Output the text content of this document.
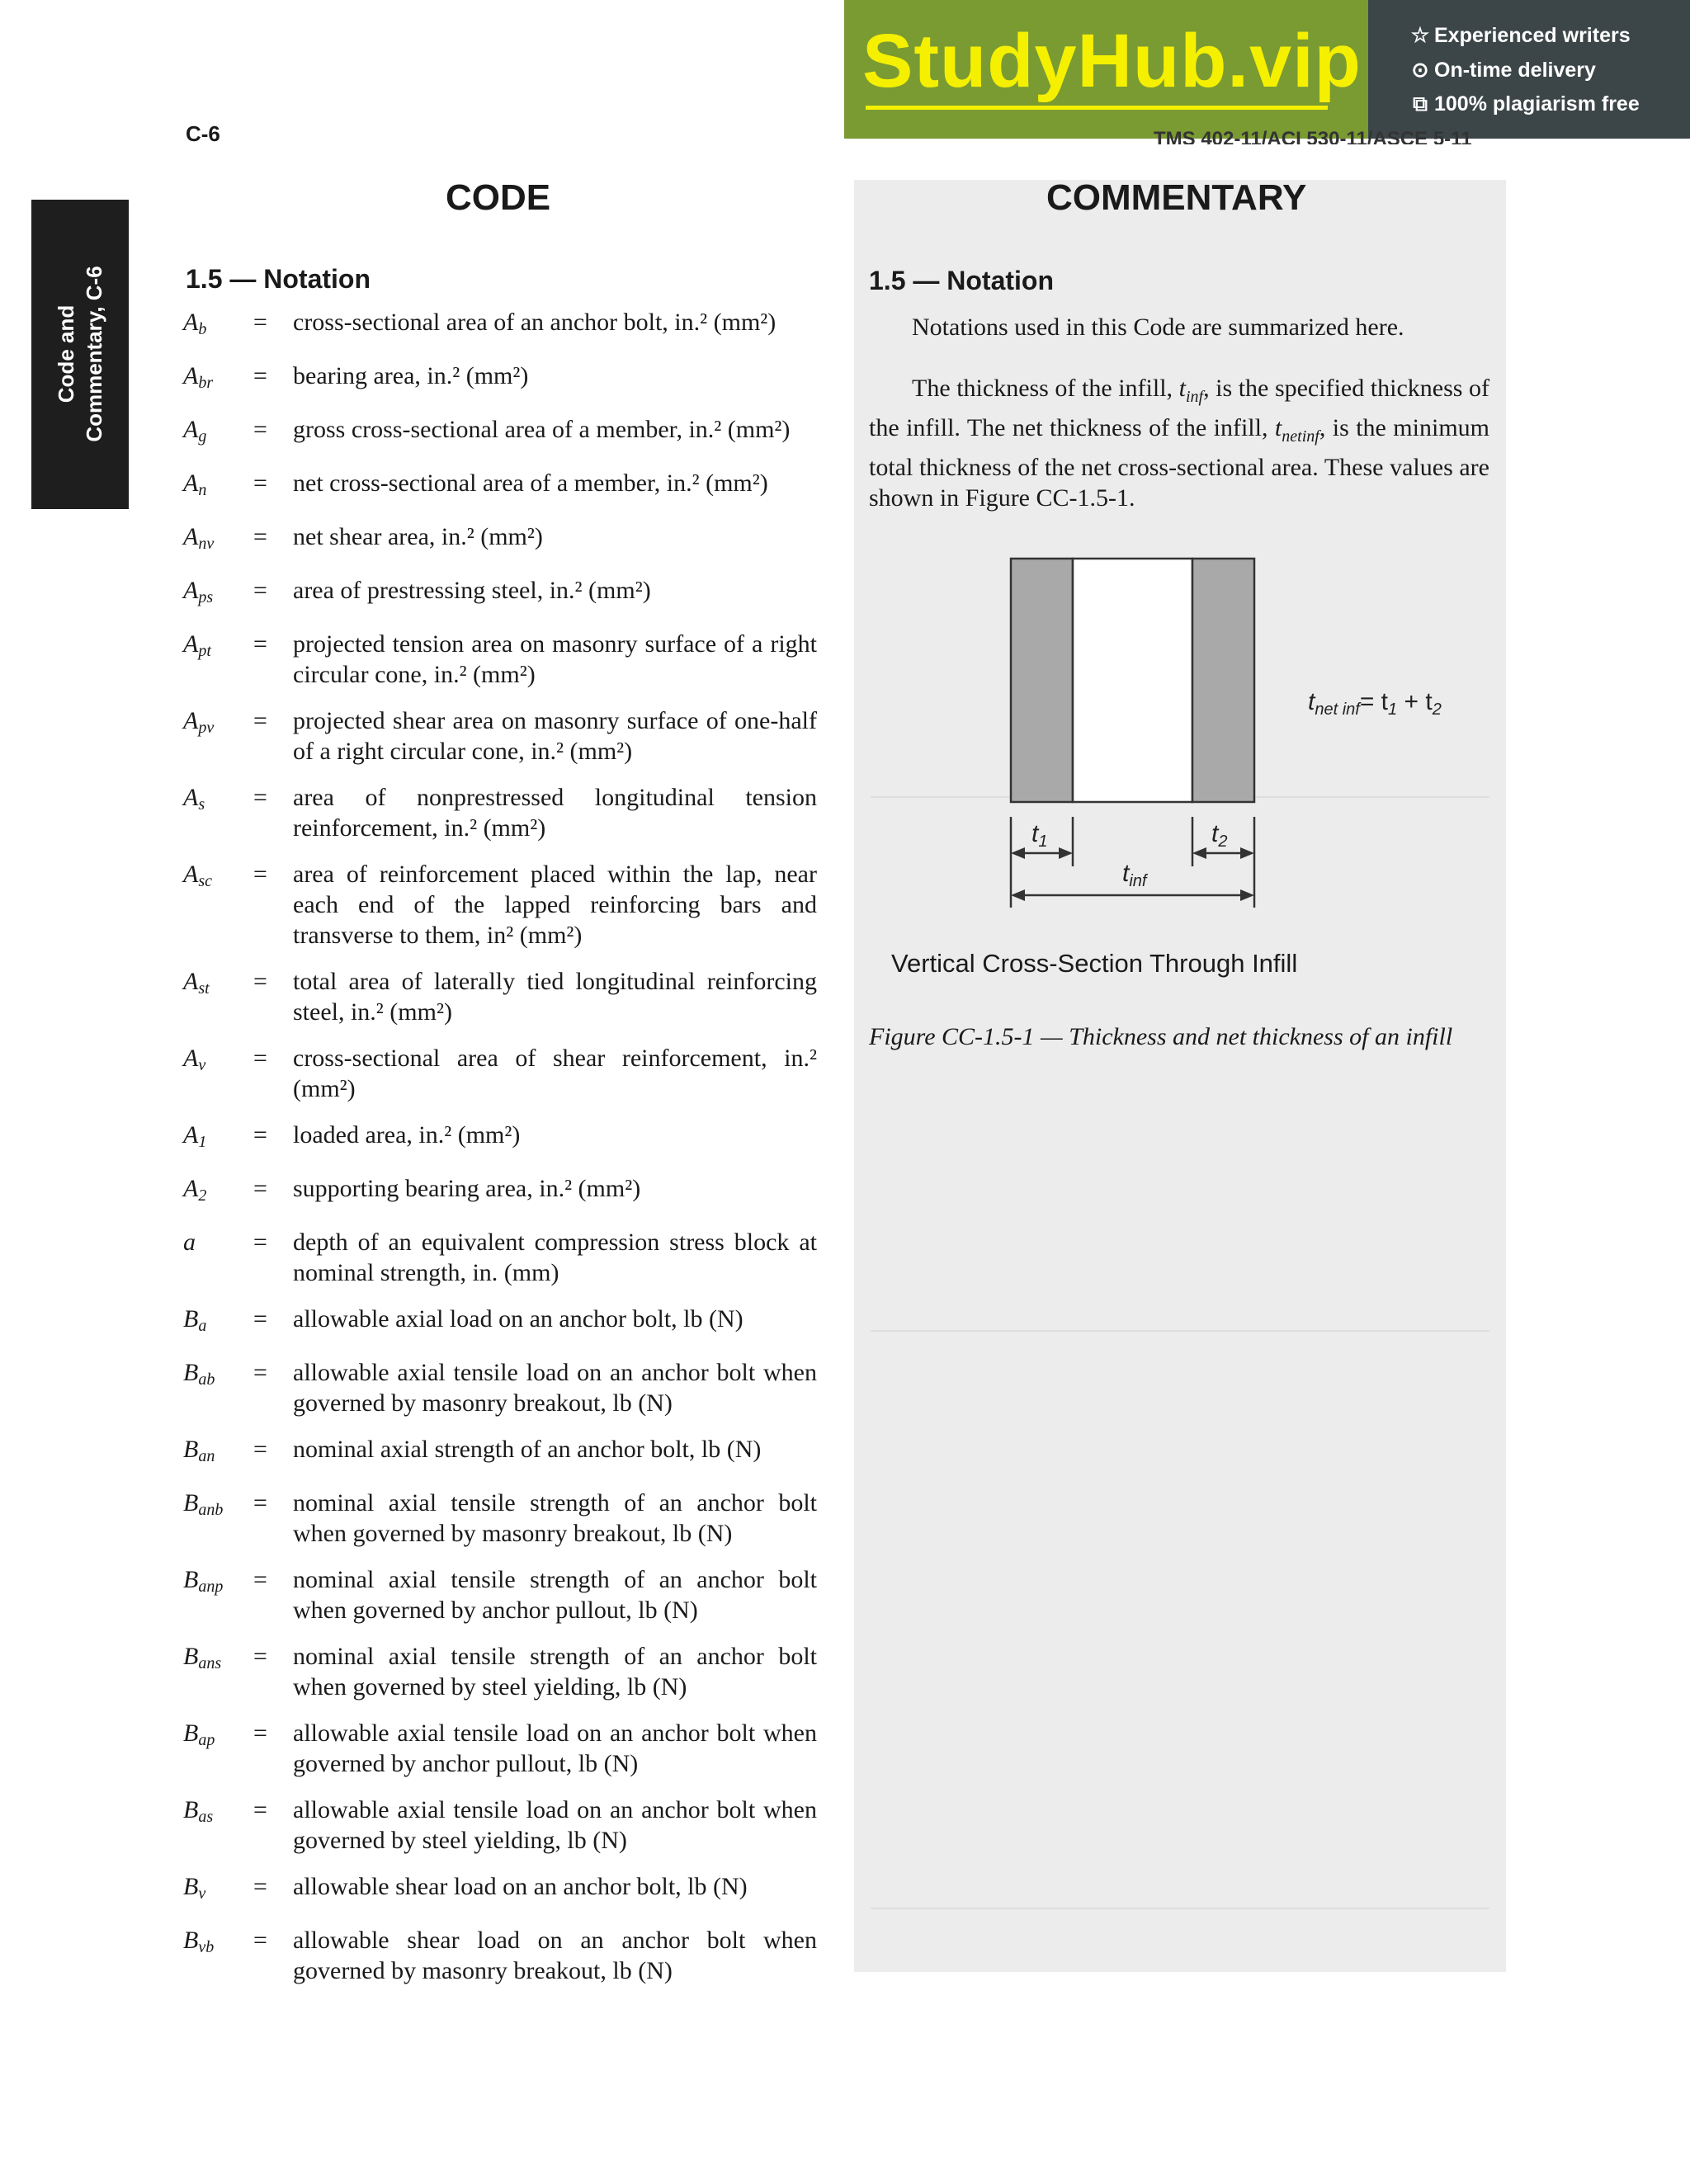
StudyHub.vip ☆ Experienced writers
⊙ On-time delivery
⧉ 100% plagiarism free
C-6	TMS 402-11/ACI 530-11/ASCE 5-11
Code and Commentary, C-6
CODE	COMMENTARY
1.5 — Notation	1.5 — Notation
$A_b$	=	cross-sectional area of an anchor bolt, in.² (mm²)
$A_{br}$	=	bearing area, in.² (mm²)
$A_g$	=	gross cross-sectional area of a member, in.² (mm²)
$A_n$	=	net cross-sectional area of a member, in.² (mm²)
$A_{nv}$	=	net shear area, in.² (mm²)
$A_{ps}$	=	area of prestressing steel, in.² (mm²)
$A_{pt}$	=	projected tension area on masonry surface of a right circular cone, in.² (mm²)
$A_{pv}$	=	projected shear area on masonry surface of one-half of a right circular cone, in.² (mm²)
$A_s$	=	area of nonprestressed longitudinal tension reinforcement, in.² (mm²)
$A_{sc}$	=	area of reinforcement placed within the lap, near each end of the lapped reinforcing bars and transverse to them, in² (mm²)
$A_{st}$	=	total area of laterally tied longitudinal reinforcing steel, in.² (mm²)
$A_v$	=	cross-sectional area of shear reinforcement, in.² (mm²)
$A_1$	=	loaded area, in.² (mm²)
$A_2$	=	supporting bearing area, in.² (mm²)
a	=	depth of an equivalent compression stress block at nominal strength, in. (mm)
$B_a$	=	allowable axial load on an anchor bolt, lb (N)
$B_{ab}$	=	allowable axial tensile load on an anchor bolt when governed by masonry breakout, lb (N)
$B_{an}$	=	nominal axial strength of an anchor bolt, lb (N)
$B_{anb}$	=	nominal axial tensile strength of an anchor bolt when governed by masonry breakout, lb (N)
$B_{anp}$	=	nominal axial tensile strength of an anchor bolt when governed by anchor pullout, lb (N)
$B_{ans}$	=	nominal axial tensile strength of an anchor bolt when governed by steel yielding, lb (N)
$B_{ap}$	=	allowable axial tensile load on an anchor bolt when governed by anchor pullout, lb (N)
$B_{as}$	=	allowable axial tensile load on an anchor bolt when governed by steel yielding, lb (N)
$B_v$	=	allowable shear load on an anchor bolt, lb (N)
$B_{vb}$	=	allowable shear load on an anchor bolt when governed by masonry breakout, lb (N)
Notations used in this Code are summarized here.
The thickness of the infill, $t_{inf}$, is the specified thickness of the infill. The net thickness of the infill, $t_{netinf}$, is the minimum total thickness of the net cross-sectional area. These values are shown in Figure CC-1.5-1.
$t_1$	$t_2$
$t_{inf}$
$t_{net inf}= t_1 + t_2$
Vertical Cross-Section Through Infill
Figure CC-1.5-1 — Thickness and net thickness of an infill
